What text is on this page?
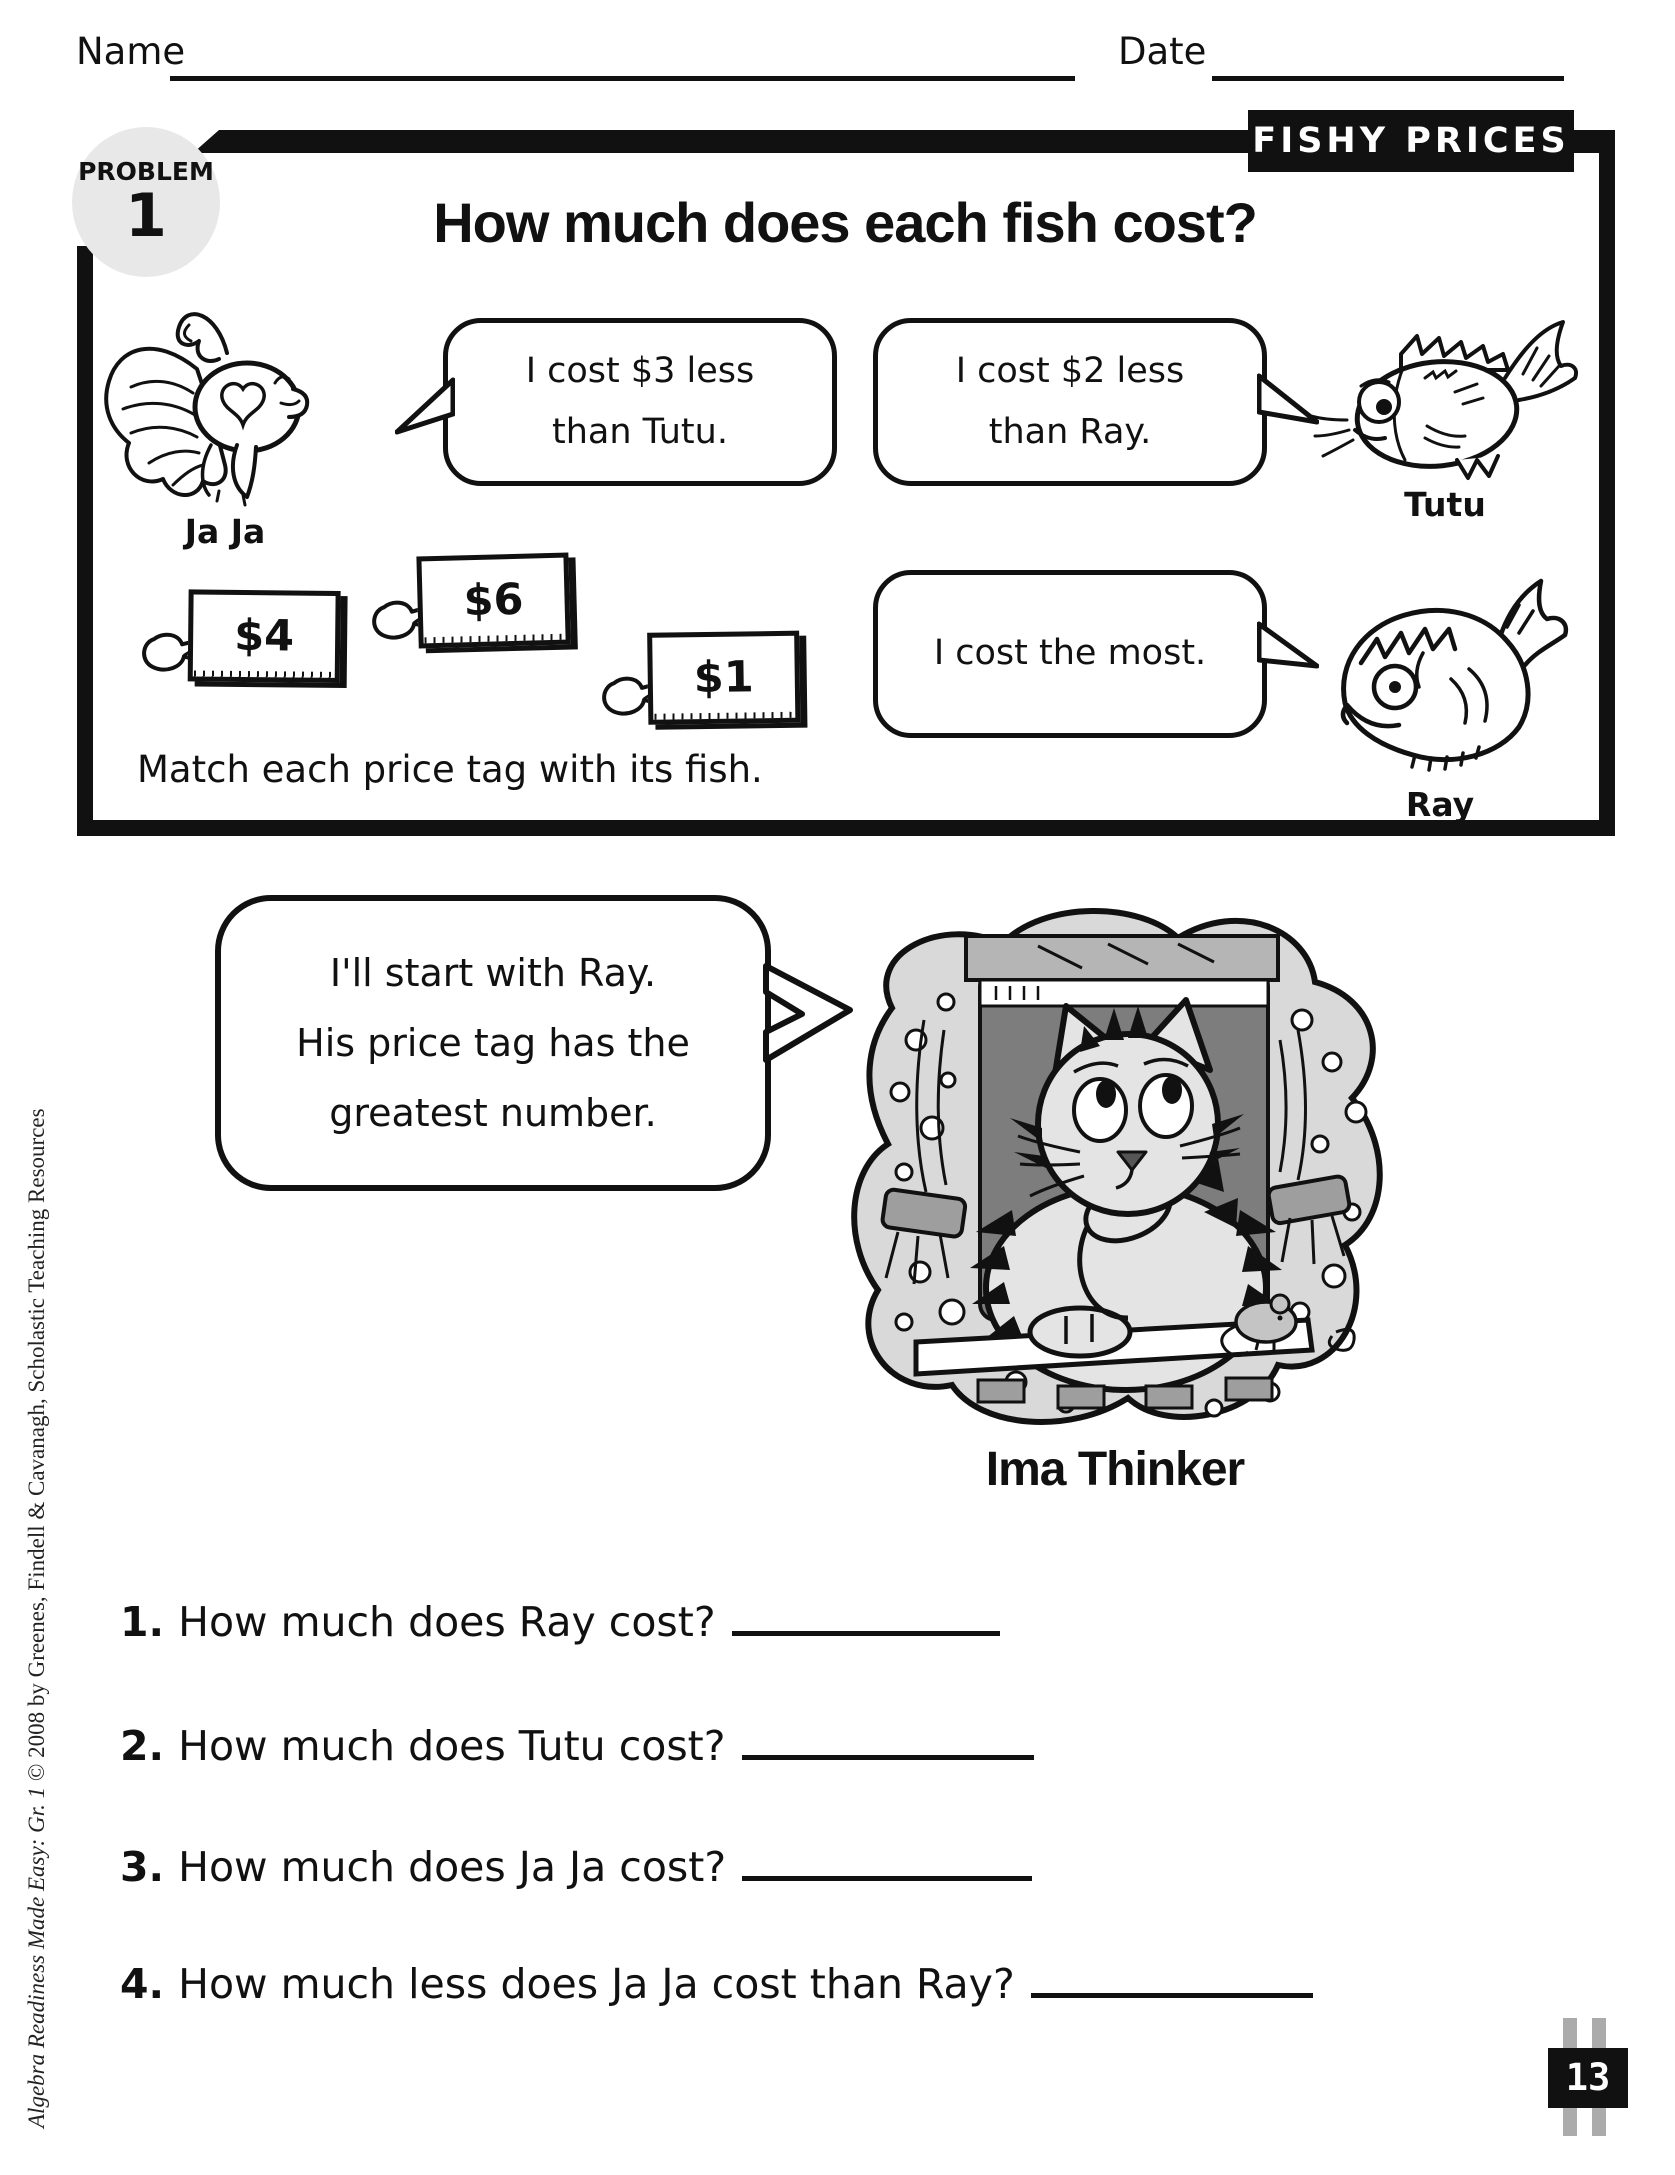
Name	Date
PROBLEM
1
FISHY PRICES
How much does each fish cost?
Ja Ja
I cost $3 less
than Tutu.
I cost $2 less
than Ray.
Tutu
$4
$6
$1	I cost the most.
Ray
Match each price tag with its fish.
I'll start with Ray.
His price tag has the
greatest number.
Ima Thinker
1. How much does Ray cost?
2. How much does Tutu cost?
3. How much does Ja Ja cost?
4. How much less does Ja Ja cost than Ray?
Algebra Readiness Made Easy: Gr. 1 © 2008 by Greenes, Findell & Cavanagh, Scholastic Teaching Resources
13
